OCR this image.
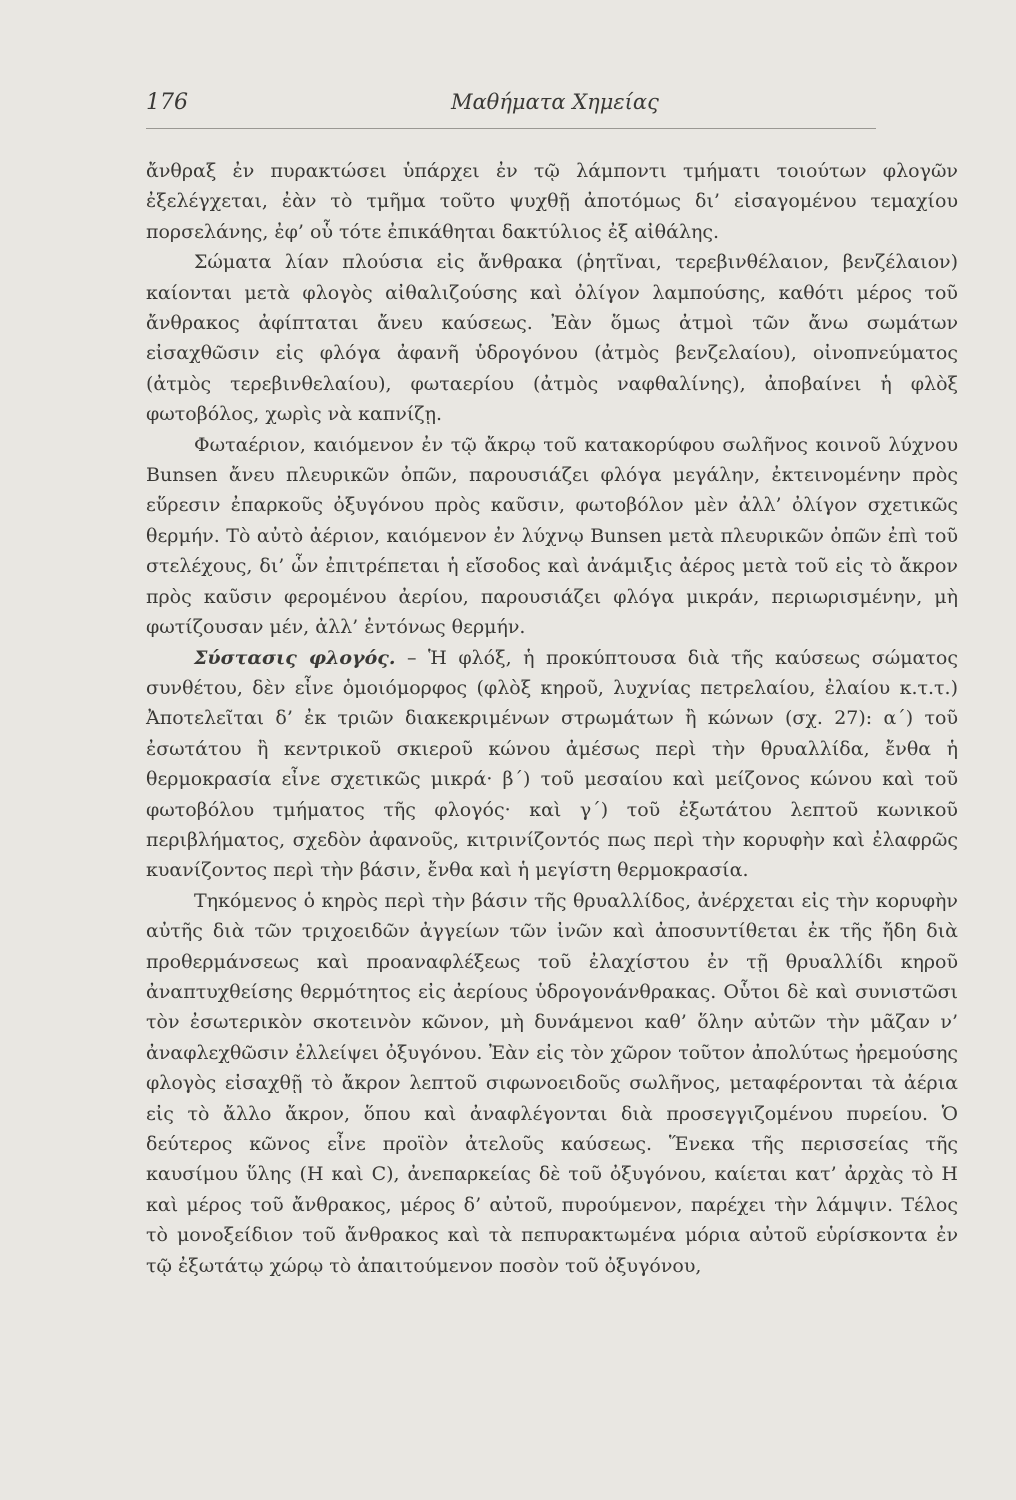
176	Μαθήματα Χημείας

ἄνθραξ ἐν πυρακτώσει ὑπάρχει ἐν τῷ λάμποντι τμήματι τοιούτων φλογῶν ἐξελέγχεται, ἐὰν τὸ τμῆμα τοῦτο ψυχθῇ ἀποτόμως δι’ εἰσαγομένου τεμαχίου πορσελάνης, ἐφ’ οὗ τότε ἐπικάθηται δακτύλιος ἐξ αἰθάλης.

Σώματα λίαν πλούσια εἰς ἄνθρακα (ῥητῖναι, τερεβινθέλαιον, βενζέλαιον) καίονται μετὰ φλογὸς αἰθαλιζούσης καὶ ὀλίγον λαμπούσης, καθότι μέρος τοῦ ἄνθρακος ἀφίπταται ἄνευ καύσεως. Ἐὰν ὅμως ἀτμοὶ τῶν ἄνω σωμάτων εἰσαχθῶσιν εἰς φλόγα ἀφανῆ ὑδρογόνου (ἀτμὸς βενζελαίου), οἰνοπνεύματος (ἀτμὸς τερεβινθελαίου), φωταερίου (ἀτμὸς ναφθαλίνης), ἀποβαίνει ἡ φλὸξ φωτοβόλος, χωρὶς νὰ καπνίζῃ.

Φωταέριον, καιόμενον ἐν τῷ ἄκρῳ τοῦ κατακορύφου σωλῆνος κοινοῦ λύχνου Bunsen ἄνευ πλευρικῶν ὀπῶν, παρουσιάζει φλόγα μεγάλην, ἐκτεινομένην πρὸς εὕρεσιν ἐπαρκοῦς ὀξυγόνου πρὸς καῦσιν, φωτοβόλον μὲν ἀλλ’ ὀλίγον σχετικῶς θερμήν. Τὸ αὐτὸ ἀέριον, καιόμενον ἐν λύχνῳ Bunsen μετὰ πλευρικῶν ὀπῶν ἐπὶ τοῦ στελέχους, δι’ ὧν ἐπιτρέπεται ἡ εἴσοδος καὶ ἀνάμιξις ἀέρος μετὰ τοῦ εἰς τὸ ἄκρον πρὸς καῦσιν φερομένου ἀερίου, παρουσιάζει φλόγα μικράν, περιωρισμένην, μὴ φωτίζουσαν μέν, ἀλλ’ ἐντόνως θερμήν.

Σύστασις φλογός. – Ἡ φλόξ, ἡ προκύπτουσα διὰ τῆς καύσεως σώματος συνθέτου, δὲν εἶνε ὁμοιόμορφος (φλὸξ κηροῦ, λυχνίας πετρελαίου, ἐλαίου κ.τ.τ.) Ἀποτελεῖται δ’ ἐκ τριῶν διακεκριμένων στρωμάτων ἢ κώνων (σχ. 27): α΄) τοῦ ἐσωτάτου ἢ κεντρικοῦ σκιεροῦ κώνου ἀμέσως περὶ τὴν θρυαλλίδα, ἔνθα ἡ θερμοκρασία εἶνε σχετικῶς μικρά· β΄) τοῦ μεσαίου καὶ μείζονος κώνου καὶ τοῦ φωτοβόλου τμήματος τῆς φλογός· καὶ γ΄) τοῦ ἐξωτάτου λεπτοῦ κωνικοῦ περιβλήματος, σχεδὸν ἀφανοῦς, κιτρινίζοντός πως περὶ τὴν κορυφὴν καὶ ἐλαφρῶς κυανίζοντος περὶ τὴν βάσιν, ἔνθα καὶ ἡ μεγίστη θερμοκρασία.

Τηκόμενος ὁ κηρὸς περὶ τὴν βάσιν τῆς θρυαλλίδος, ἀνέρχεται εἰς τὴν κορυφὴν αὐτῆς διὰ τῶν τριχοειδῶν ἀγγείων τῶν ἰνῶν καὶ ἀποσυντίθεται ἐκ τῆς ἤδη διὰ προθερμάνσεως καὶ προαναφλέξεως τοῦ ἐλαχίστου ἐν τῇ θρυαλλίδι κηροῦ ἀναπτυχθείσης θερμότητος εἰς ἀερίους ὑδρογονάνθρακας. Οὗτοι δὲ καὶ συνιστῶσι τὸν ἐσωτερικὸν σκοτεινὸν κῶνον, μὴ δυνάμενοι καθ’ ὅλην αὐτῶν τὴν μᾶζαν ν’ ἀναφλεχθῶσιν ἐλλείψει ὀξυγόνου. Ἐὰν εἰς τὸν χῶρον τοῦτον ἀπολύτως ἠρεμούσης φλογὸς εἰσαχθῇ τὸ ἄκρον λεπτοῦ σιφωνοειδοῦς σωλῆνος, μεταφέρονται τὰ ἀέρια εἰς τὸ ἄλλο ἄκρον, ὅπου καὶ ἀναφλέγονται διὰ προσεγγιζομένου πυρείου. Ὁ δεύτερος κῶνος εἶνε προϊὸν ἀτελοῦς καύσεως. Ἕνεκα τῆς περισσείας τῆς καυσίμου ὕλης (H καὶ C), ἀνεπαρκείας δὲ τοῦ ὀξυγόνου, καίεται κατ’ ἀρχὰς τὸ H καὶ μέρος τοῦ ἄνθρακος, μέρος δ’ αὐτοῦ, πυρούμενον, παρέχει τὴν λάμψιν. Τέλος τὸ μονοξείδιον τοῦ ἄνθρακος καὶ τὰ πεπυρακτωμένα μόρια αὐτοῦ εὑρίσκοντα ἐν τῷ ἐξωτάτῳ χώρῳ τὸ ἀπαιτούμενον ποσὸν τοῦ ὀξυγόνου,
